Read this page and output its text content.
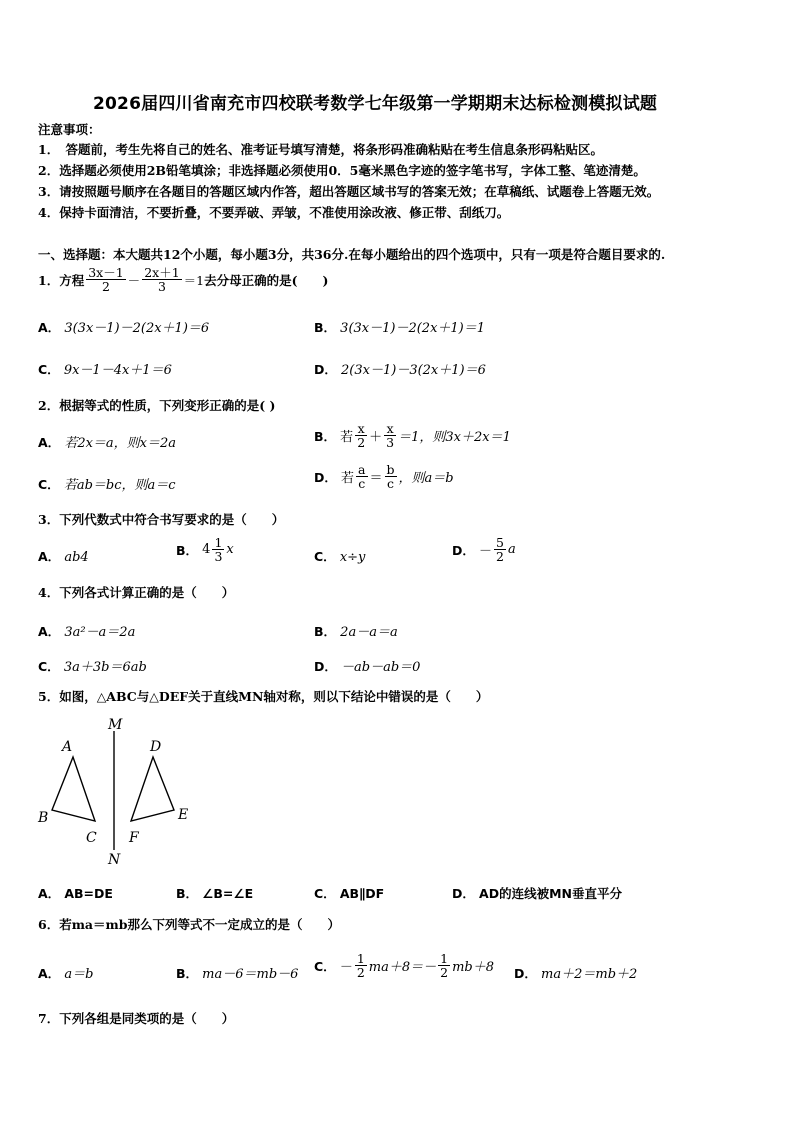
2026届四川省南充市四校联考数学七年级第一学期期末达标检测模拟试题
注意事项：
1．　答题前，考生先将自己的姓名、准考证号填写清楚，将条形码准确粘贴在考生信息条形码粘贴区。
2．选择题必须使用2B铅笔填涂；非选择题必须使用0．5毫米黑色字迹的签字笔书写，字体工整、笔迹清楚。
3．请按照题号顺序在各题目的答题区域内作答，超出答题区域书写的答案无效；在草稿纸、试题卷上答题无效。
4．保持卡面清洁，不要折叠，不要弄破、弄皱，不准使用涂改液、修正带、刮纸刀。
一、选择题：本大题共12个小题，每小题3分，共36分.在每小题给出的四个选项中，只有一项是符合题目要求的.
1．方程 $\frac{3x-1}{2} - \frac{2x+1}{3} =1$ 去分母正确的是(　　)
A． 3(3x－1)－2(2x＋1)＝6	B． 3(3x－1)－2(2x＋1)＝1
C． 9x－1－4x＋1＝6	D． 2(3x－1)－3(2x＋1)＝6
2．根据等式的性质，下列变形正确的是( )
A． 若2x＝a，则x＝2a	B．
若 $\frac{x}{2} + \frac{x}{3} =1$，则3x＋2x＝1
C． 若ab＝bc，则a＝c
D．
若 $\frac{a}{c} = \frac{b}{c}$ ，则a＝b
3．下列代数式中符合书写要求的是（　　）
A． ab4	B．
$4 \frac{1}{3}$ x	C． x÷y	D．
－ $\frac{5}{2}$ a
4．下列各式计算正确的是（　　）
A． 3a²－a＝2a	B． 2a－a＝a
C． 3a＋3b＝6ab	D． －ab－ab＝0
5．如图，△ABC与△DEF关于直线MN轴对称，则以下结论中错误的是（　　）
M
N
A
B
C
D
E
F
A． AB=DE	B． ∠B=∠E	C． AB∥DF	D． AD的连线被MN垂直平分
6．若ma＝mb那么下列等式不一定成立的是（　　）
A． a＝b	B． ma－6＝mb－6
C．
－ $\frac{1}{2} ma+8=- \frac{1}{2} mb+8$ D． ma＋2＝mb＋2
7．下列各组是同类项的是（　　）
